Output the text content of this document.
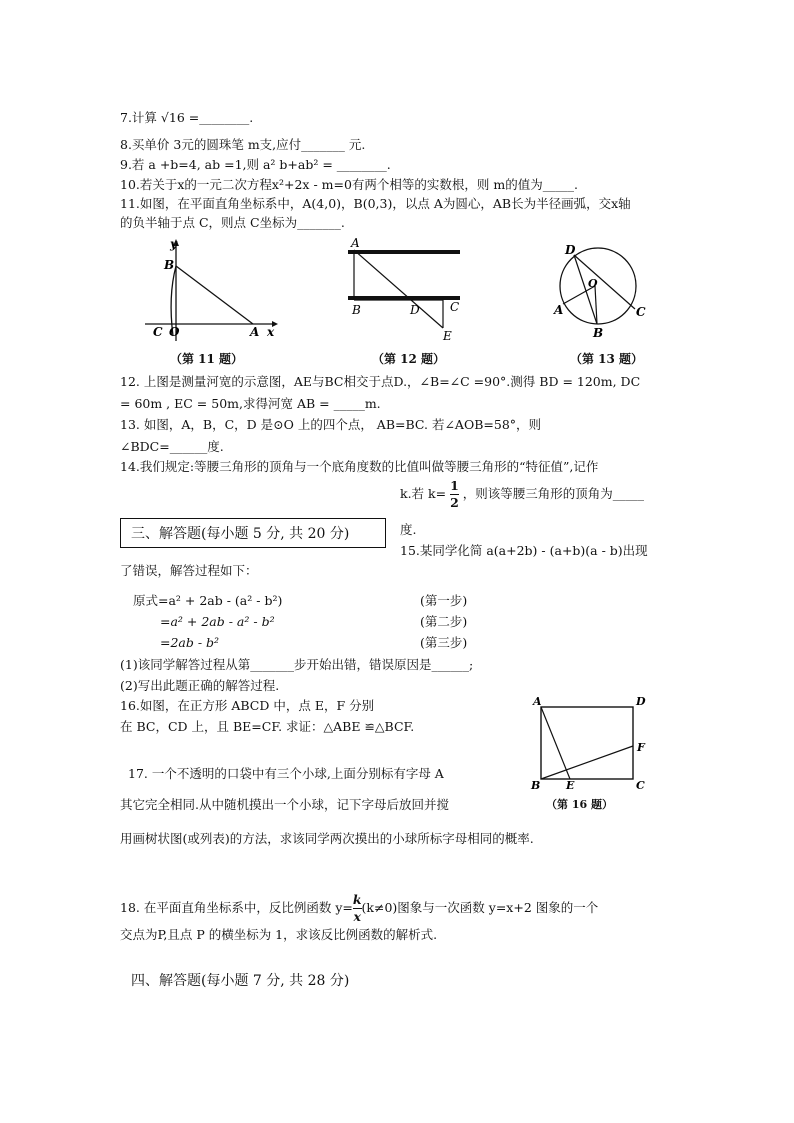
7.计算 √16 =________.
8.买单价 3元的圆珠笔 m支,应付_______ 元.
9.若 a +b=4, ab =1,则 a² b+ab² = ________.
10.若关于x的一元二次方程x²+2x - m=0有两个相等的实数根，则 m的值为_____.
11.如图，在平面直角坐标系中，A(4,0)，B(0,3)，以点 A为圆心，AB长为半径画弧，交x轴
的负半轴于点 C，则点 C坐标为_______.
y
B
C O	A x
（第 11 题）
A
B	D	C
E
（第 12 题）
D
O
A
B
C
（第 13 题）
12. 上图是测量河宽的示意图，AE与BC相交于点D.，∠B=∠C =90°.测得 BD = 120m, DC
= 60m , EC = 50m,求得河宽 AB = _____m.
13. 如图，A，B，C，D 是⊙O 上的四个点， AB=BC. 若∠AOB=58°，则
∠BDC=______度.
14.我们规定:等腰三角形的顶角与一个底角度数的比值叫做等腰三角形的“特征值”,记作
k.若 $k= \frac{1}{2}$ ，则该等腰三角形的顶角为_____
度.
三、解答题(每小题 5 分, 共 20 分)
15.某同学化简 a(a+2b) - (a+b)(a - b)出现
了错误，解答过程如下：
原式=a² + 2ab - (a² - b²)	(第一步)
=a² + 2ab - a² - b²	(第二步)
=2ab - b²	(第三步)
(1)该同学解答过程从第_______步开始出错，错误原因是______;
(2)写出此题正确的解答过程.
16.如图，在正方形 ABCD 中，点 E，F 分别
在 BC，CD 上，且 BE=CF. 求证：△ABE ≌△BCF.
17. 一个不透明的口袋中有三个小球,上面分别标有字母 A
其它完全相同.从中随机摸出一个小球，记下字母后放回并搅
用画树状图(或列表)的方法，求该同学两次摸出的小球所标字母相同的概率.
A	D
F
B E	C
（第 16 题）
18. 在平面直角坐标系中，反比例函数 $y= \frac{k}{x} (k\ne 0)$图象与一次函数 y=x+2 图象的一个
交点为P,且点 P 的横坐标为 1，求该反比例函数的解析式.
四、解答题(每小题 7 分, 共 28 分)
